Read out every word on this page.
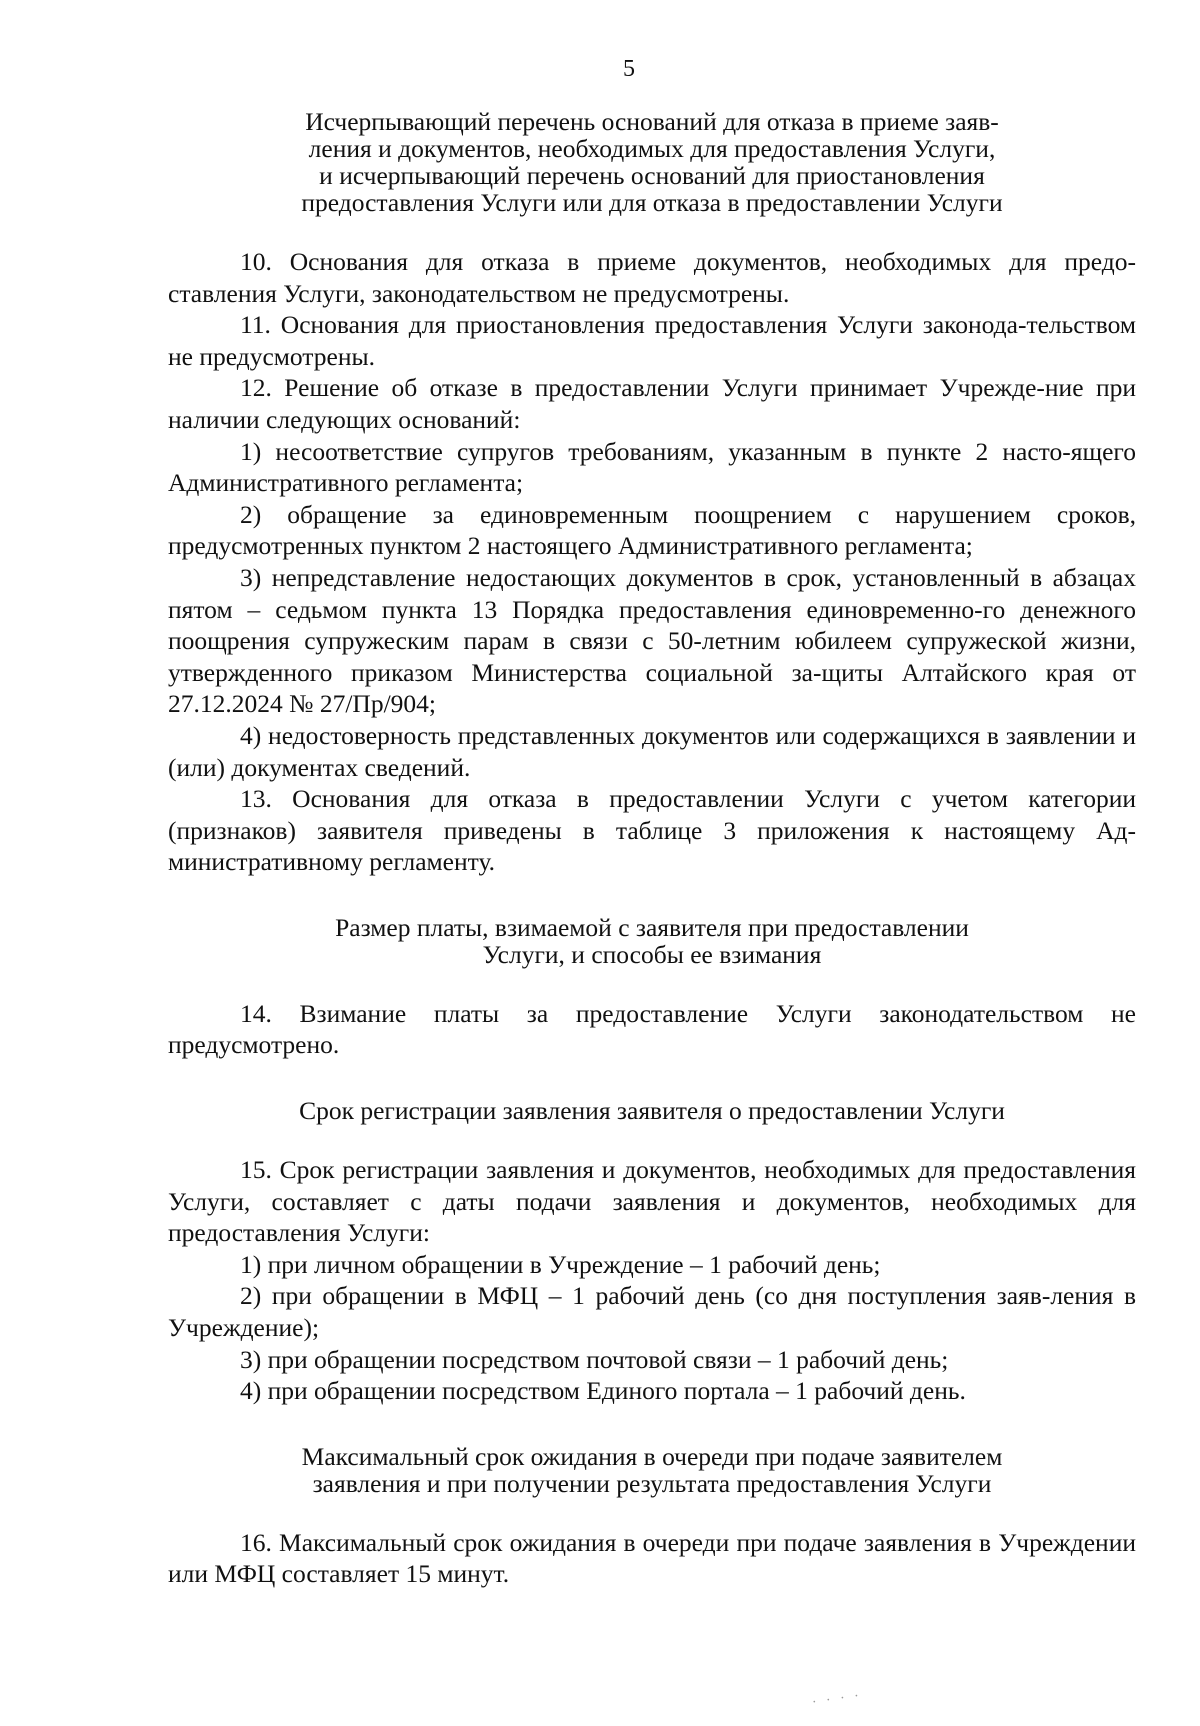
5
Исчерпывающий перечень оснований для отказа в приеме заяв-
ления и документов, необходимых для предоставления Услуги,
и исчерпывающий перечень оснований для приостановления
предоставления Услуги или для отказа в предоставлении Услуги

10. Основания для отказа в приеме документов, необходимых для предо-ставления Услуги, законодательством не предусмотрены.

11. Основания для приостановления предоставления Услуги законода-тельством не предусмотрены.

12. Решение об отказе в предоставлении Услуги принимает Учрежде-ние при наличии следующих оснований:

1) несоответствие супругов требованиям, указанным в пункте 2 насто-ящего Административного регламента;

2) обращение за единовременным поощрением с нарушением сроков, предусмотренных пунктом 2 настоящего Административного регламента;

3) непредставление недостающих документов в срок, установленный в абзацах пятом – седьмом пункта 13 Порядка предоставления единовременно-го денежного поощрения супружеским парам в связи с 50-летним юбилеем супружеской жизни, утвержденного приказом Министерства социальной за-щиты Алтайского края от 27.12.2024 № 27/Пр/904;

4) недостоверность представленных документов или содержащихся в заявлении и (или) документах сведений.

13. Основания для отказа в предоставлении Услуги с учетом категории (признаков) заявителя приведены в таблице 3 приложения к настоящему Ад-министративному регламенту.

Размер платы, взимаемой с заявителя при предоставлении
Услуги, и способы ее взимания

14. Взимание платы за предоставление Услуги законодательством не предусмотрено.

Срок регистрации заявления заявителя о предоставлении Услуги

15. Срок регистрации заявления и документов, необходимых для предоставления Услуги, составляет с даты подачи заявления и документов, необходимых для предоставления Услуги:

1) при личном обращении в Учреждение – 1 рабочий день;

2) при обращении в МФЦ – 1 рабочий день (со дня поступления заяв-ления в Учреждение);

3) при обращении посредством почтовой связи – 1 рабочий день;

4) при обращении посредством Единого портала – 1 рабочий день.

Максимальный срок ожидания в очереди при подаче заявителем
заявления и при получении результата предоставления Услуги

16. Максимальный срок ожидания в очереди при подаче заявления в Учреждении или МФЦ составляет 15 минут.

· · · ·
